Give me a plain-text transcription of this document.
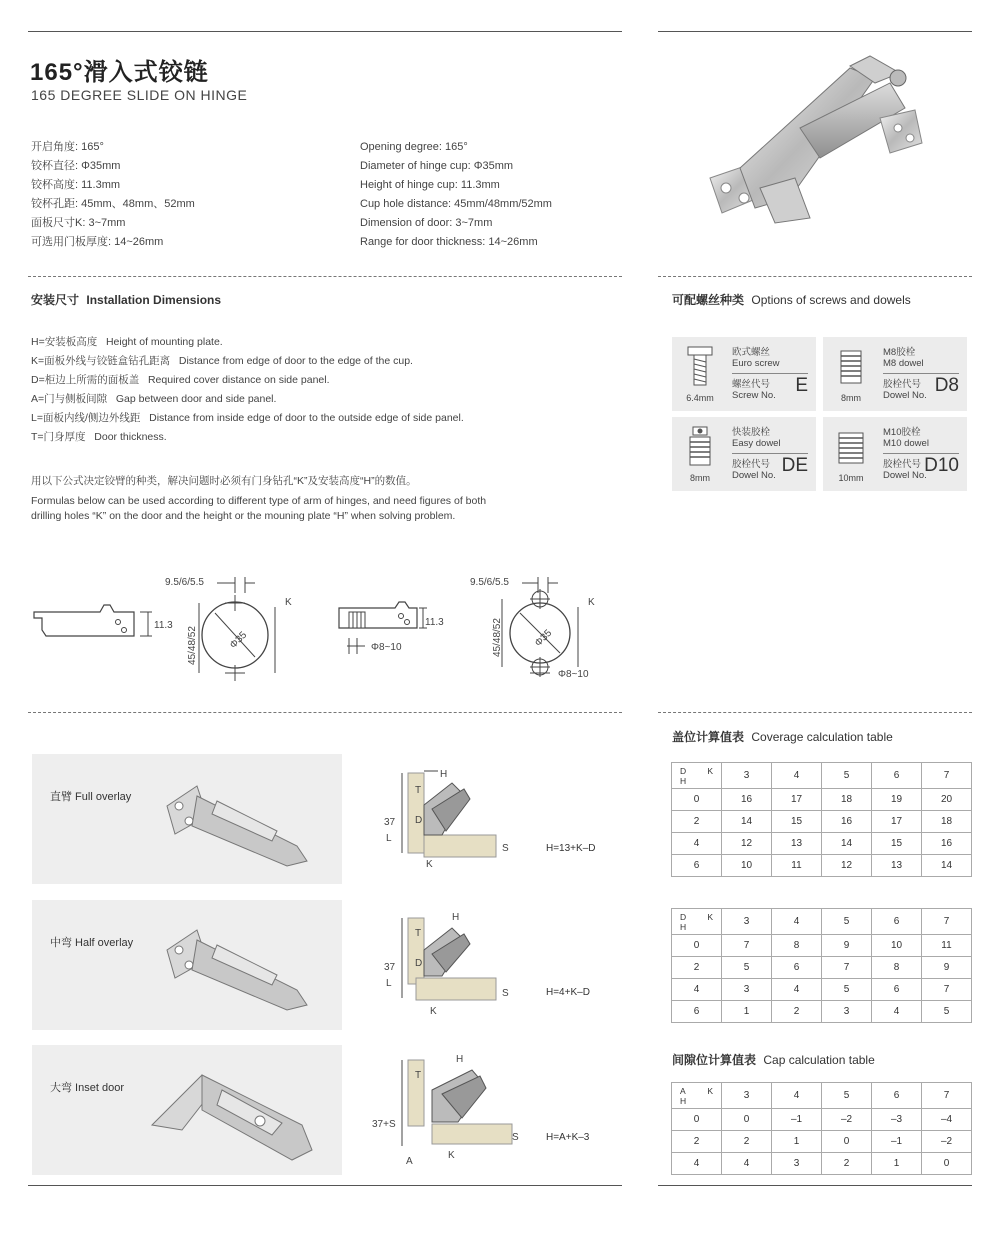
165°滑入式铰链
165 DEGREE SLIDE ON HINGE
开启角度: 165°
铰杯直径: Φ35mm
铰杯高度: 11.3mm
铰杯孔距: 45mm、48mm、52mm
面板尺寸K: 3~7mm
可选用门板厚度: 14~26mm
Opening degree: 165°
Diameter of hinge cup: Φ35mm
Height of hinge cup: 11.3mm
Cup hole distance: 45mm/48mm/52mm
Dimension of door: 3~7mm
Range for door thickness: 14~26mm
安装尺寸 Installation Dimensions
H=安装板高度   Height of mounting plate.
K=面板外线与铰链盒钻孔距离   Distance from edge of door to the edge of the cup.
D=柜边上所需的面板盖   Required cover distance on side panel.
A=门与侧板间隙   Gap between door and side panel.
L=面板内线/侧边外线距   Distance from inside edge of door to the outside edge of side panel.
T=门身厚度   Door thickness.
用以下公式决定铰臂的种类，解决问题时必须有门身钻孔“K”及安装高度“H”的数值。
Formulas below can be used according to different type of arm of hinges, and need figures of both
drilling holes “K” on the door and the height or the mouning plate “H” when solving problem.
可配螺丝种类 Options of screws and dowels
6.4mm
欧式螺丝
Euro screw
螺丝代号
Screw No. E
8mm
M8胶栓
M8 dowel
胶栓代号
Dowel No. D8
8mm
快装胶栓
Easy dowel
胶栓代号
Dowel No. DE
10mm
M10胶栓
M10 dowel
胶栓代号
Dowel No.
D10
11.3
9.5/6/5.5
K
Φ35
45/48/52
11.3
Φ8~10
9.5/6/5.5
K
Φ35
45/48/52
Φ8~10
直臂 Full overlay
T
D
L
37
K
S
H
H=13+K–D
中弯 Half overlay
T
D
L
37
K
S
H
H=4+K–D
大弯 Inset door
T
37+S
A
K
S
H
H=A+K–3
盖位计算值表 Coverage calculation table
D K
H	3	4	5	6	7
0	16	17	18	19	20
2	14	15	16	17	18
4	12	13	14	15	16
6	10	11	12	13	14
D K
H	3	4	5	6	7
0	7	8	9	10	11
2	5	6	7	8	9
4	3	4	5	6	7
6	1	2	3	4	5
间隙位计算值表 Cap calculation table
A K
H	3	4	5	6	7
0	0	–1	–2	–3	–4
2	2	1	0	–1	–2
4	4	3	2	1	0
